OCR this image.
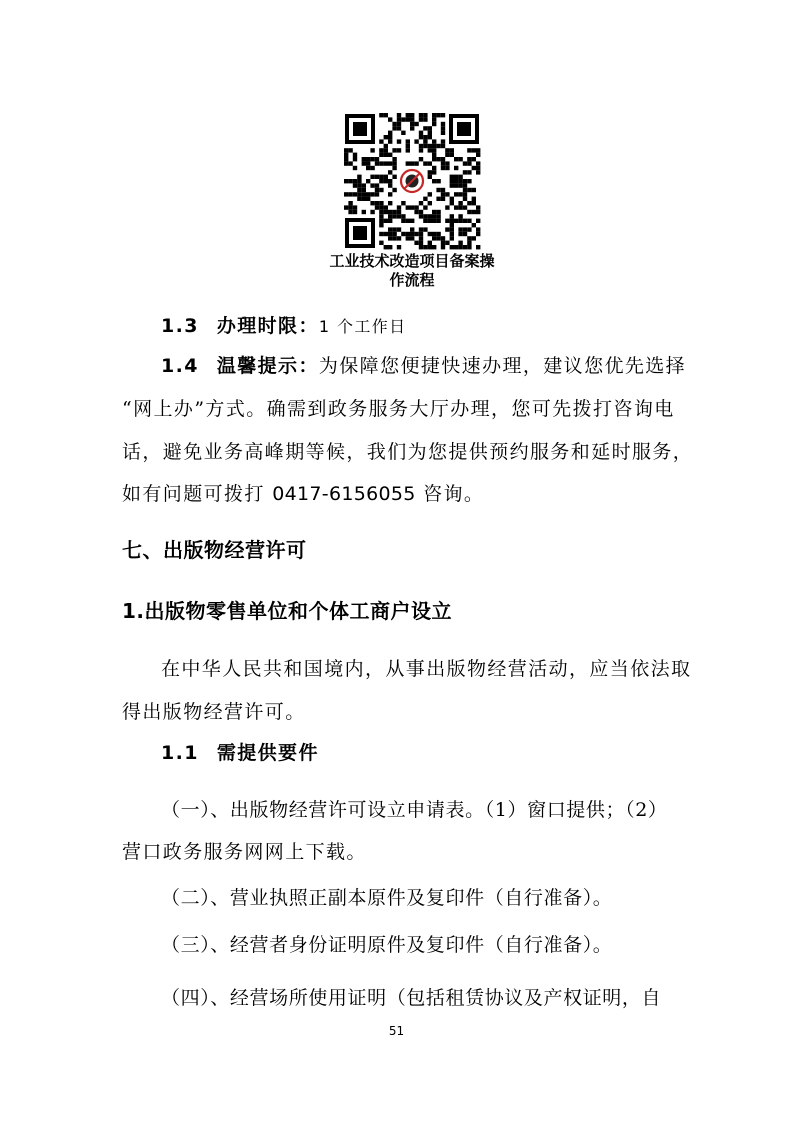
工业技术改造项目备案操
作流程
1.3 办理时限：1 个工作日
1.4 温馨提示：为保障您便捷快速办理，建议您优先选择
“网上办”方式。确需到政务服务大厅办理，您可先拨打咨询电
话，避免业务高峰期等候，我们为您提供预约服务和延时服务，
如有问题可拨打 0417-6156055 咨询。
七、出版物经营许可
1.出版物零售单位和个体工商户设立
在中华人民共和国境内，从事出版物经营活动，应当依法取
得出版物经营许可。
1.1 需提供要件
（一）、出版物经营许可设立申请表。（1）窗口提供；（2）
营口政务服务网网上下载。
（二）、营业执照正副本原件及复印件（自行准备）。
（三）、经营者身份证明原件及复印件（自行准备）。
（四）、经营场所使用证明（包括租赁协议及产权证明，自
51
